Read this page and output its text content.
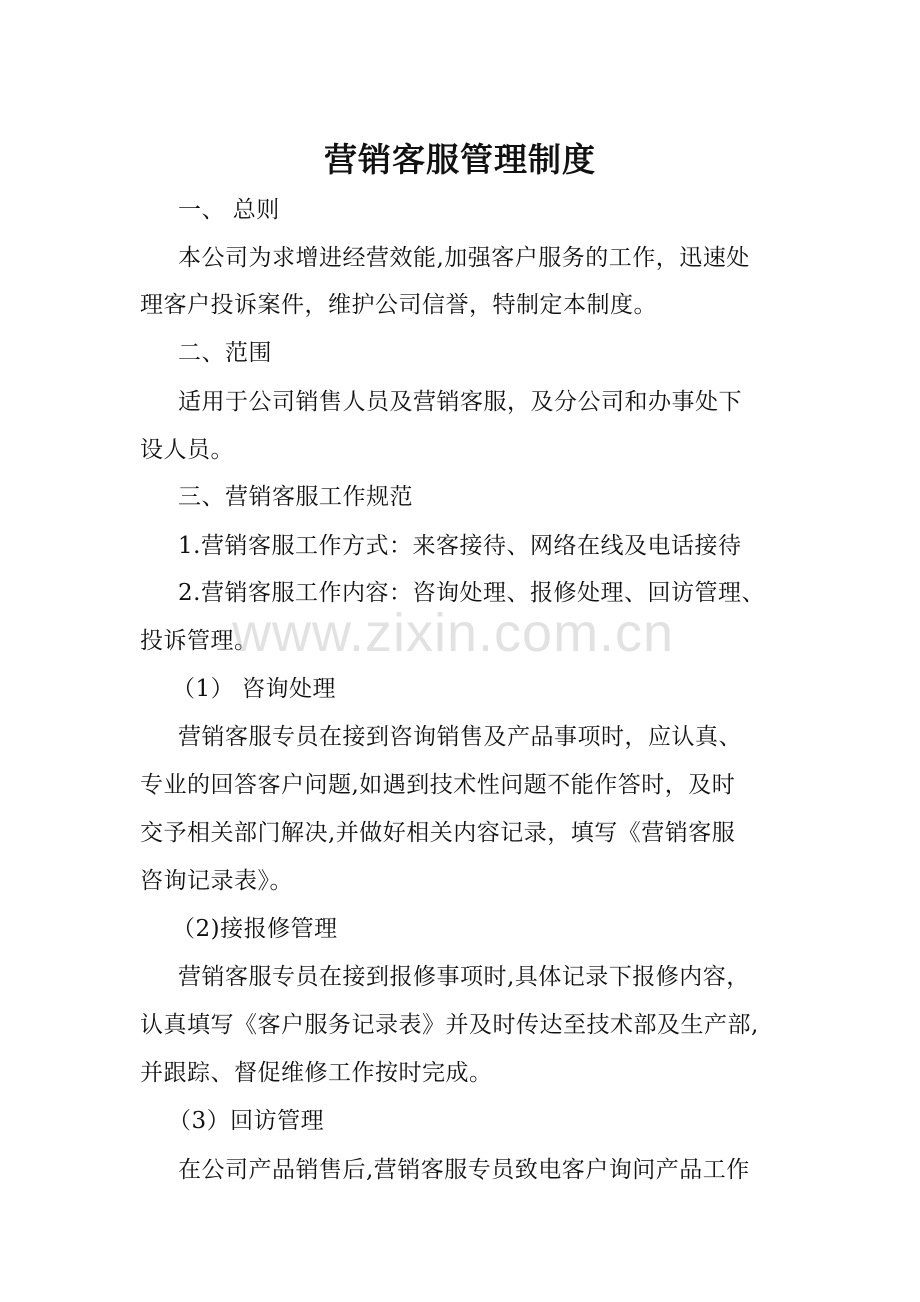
营销客服管理制度
一、 总则
本公司为求增进经营效能,加强客户服务的工作，迅速处
理客户投诉案件，维护公司信誉，特制定本制度。
二、范围
适用于公司销售人员及营销客服，及分公司和办事处下
设人员。
三、营销客服工作规范
1.营销客服工作方式：来客接待、网络在线及电话接待
2.营销客服工作内容：咨询处理、报修处理、回访管理、
投诉管理。
（1） 咨询处理
营销客服专员在接到咨询销售及产品事项时，应认真、
专业的回答客户问题,如遇到技术性问题不能作答时，及时
交予相关部门解决,并做好相关内容记录，填写《营销客服
咨询记录表》。
（2)接报修管理
营销客服专员在接到报修事项时,具体记录下报修内容，
认真填写《客户服务记录表》并及时传达至技术部及生产部,
并跟踪、督促维修工作按时完成。
（3）回访管理
在公司产品销售后,营销客服专员致电客户询问产品工作
www.zixin.com.cn
